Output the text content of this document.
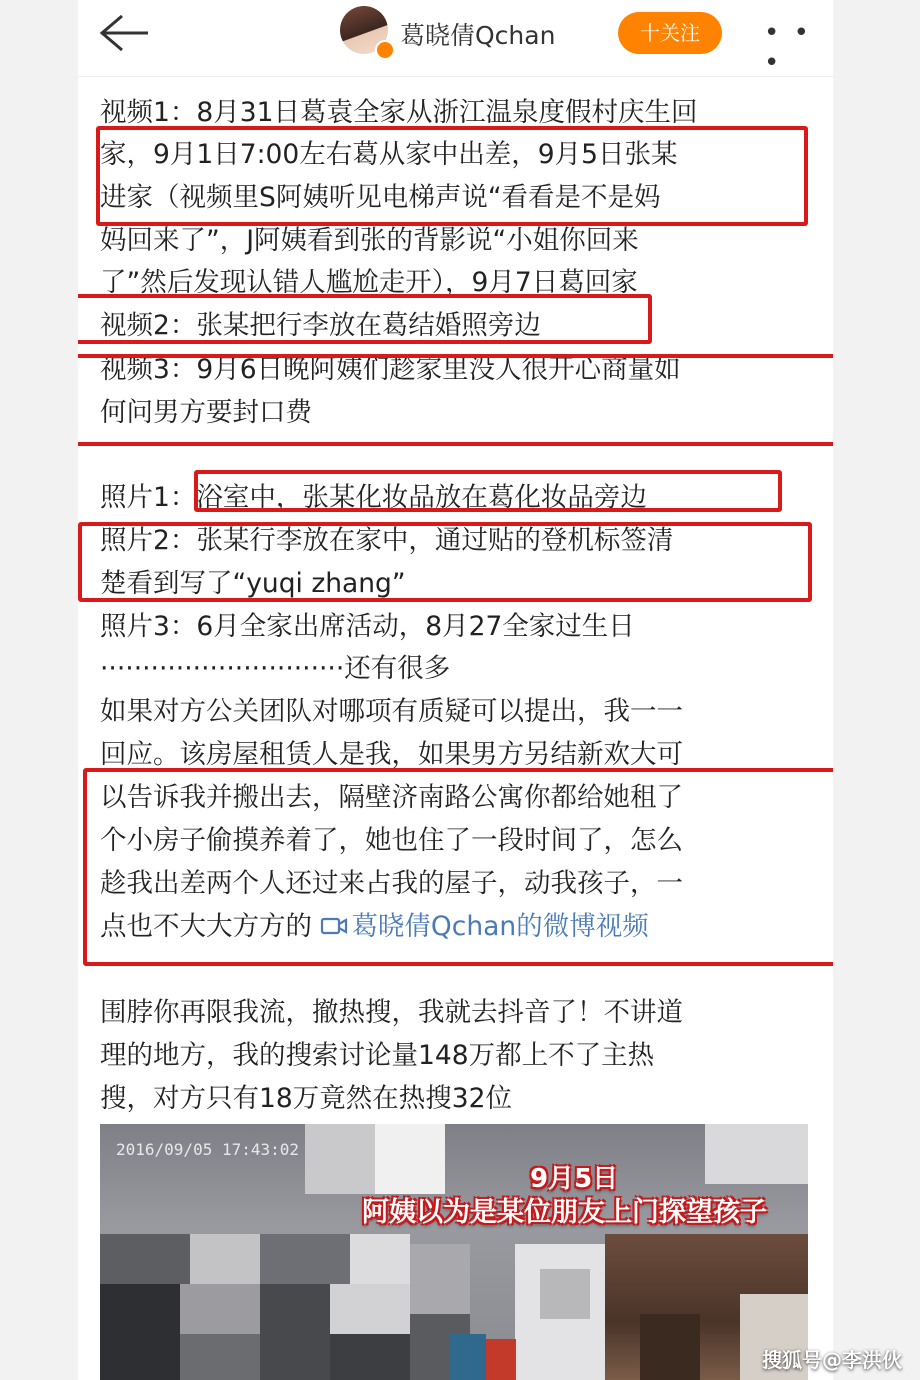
葛晓倩Qchan	十关注	• • •
视频1：8月31日葛袁全家从浙江温泉度假村庆生回
家，9月1日7:00左右葛从家中出差，9月5日张某
进家（视频里S阿姨听见电梯声说“看看是不是妈
妈回来了”，J阿姨看到张的背影说“小姐你回来
了”然后发现认错人尴尬走开），9月7日葛回家
视频2：张某把行李放在葛结婚照旁边
视频3：9月6日晚阿姨们趁家里没人很开心商量如
何问男方要封口费
照片1：浴室中，张某化妆品放在葛化妆品旁边
照片2：张某行李放在家中，通过贴的登机标签清
楚看到写了“yuqi zhang”
照片3：6月全家出席活动，8月27全家过生日
·····························还有很多
如果对方公关团队对哪项有质疑可以提出，我一一
回应。该房屋租赁人是我，如果男方另结新欢大可
以告诉我并搬出去，隔壁济南路公寓你都给她租了
个小房子偷摸养着了，她也住了一段时间了，怎么
趁我出差两个人还过来占我的屋子，动我孩子，一
点也不大大方方的 葛晓倩Qchan的微博视频
围脖你再限我流，撤热搜，我就去抖音了！不讲道
理的地方，我的搜索讨论量148万都上不了主热
搜，对方只有18万竟然在热搜32位
2016/09/05 17:43:02
9月5日
阿姨以为是某位朋友上门探望孩子
搜狐号@李洪伙
